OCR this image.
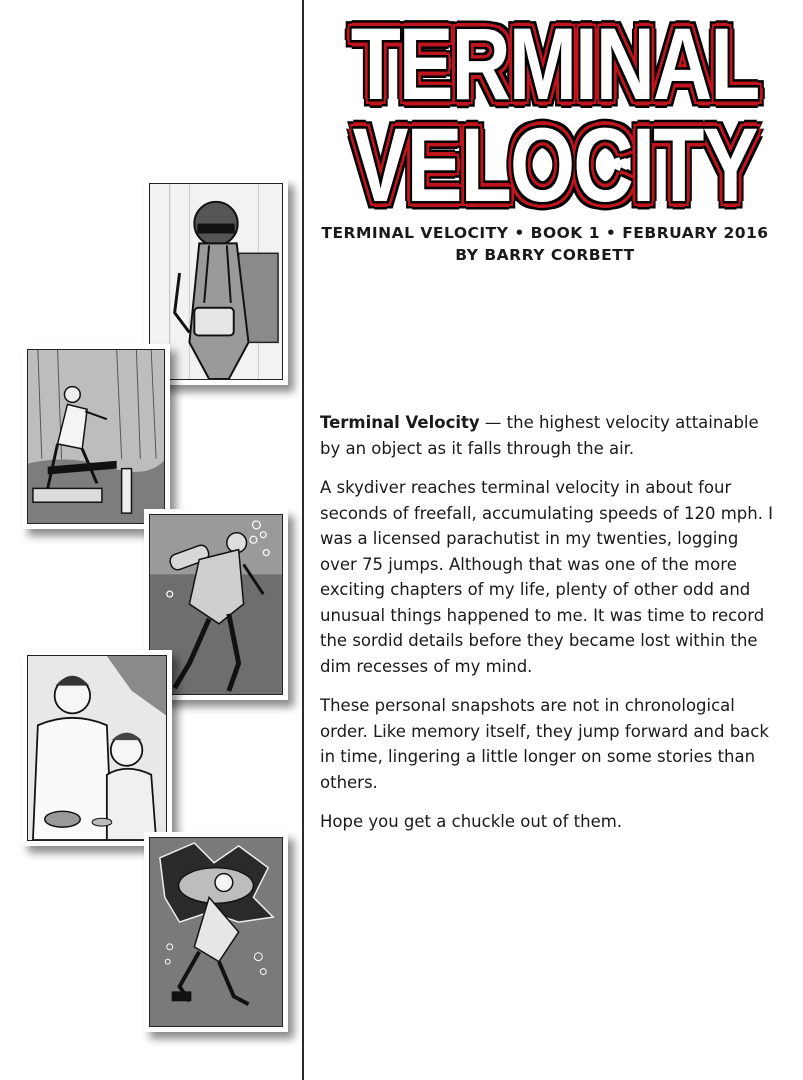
TERMINAL
VELOCITY
TERMINAL VELOCITY • BOOK 1 • FEBRUARY 2016
BY BARRY CORBETT

Terminal Velocity — the highest velocity attainable by an object as it falls through the air.

A skydiver reaches terminal velocity in about four seconds of freefall, accumulating speeds of 120 mph. I was a licensed parachutist in my twenties, logging over 75 jumps. Although that was one of the more exciting chapters of my life, plenty of other odd and unusual things happened to me. It was time to record the sordid details before they became lost within the dim recesses of my mind.

These personal snapshots are not in chronological order. Like memory itself, they jump forward and back in time, lingering a little longer on some stories than others.

Hope you get a chuckle out of them.
